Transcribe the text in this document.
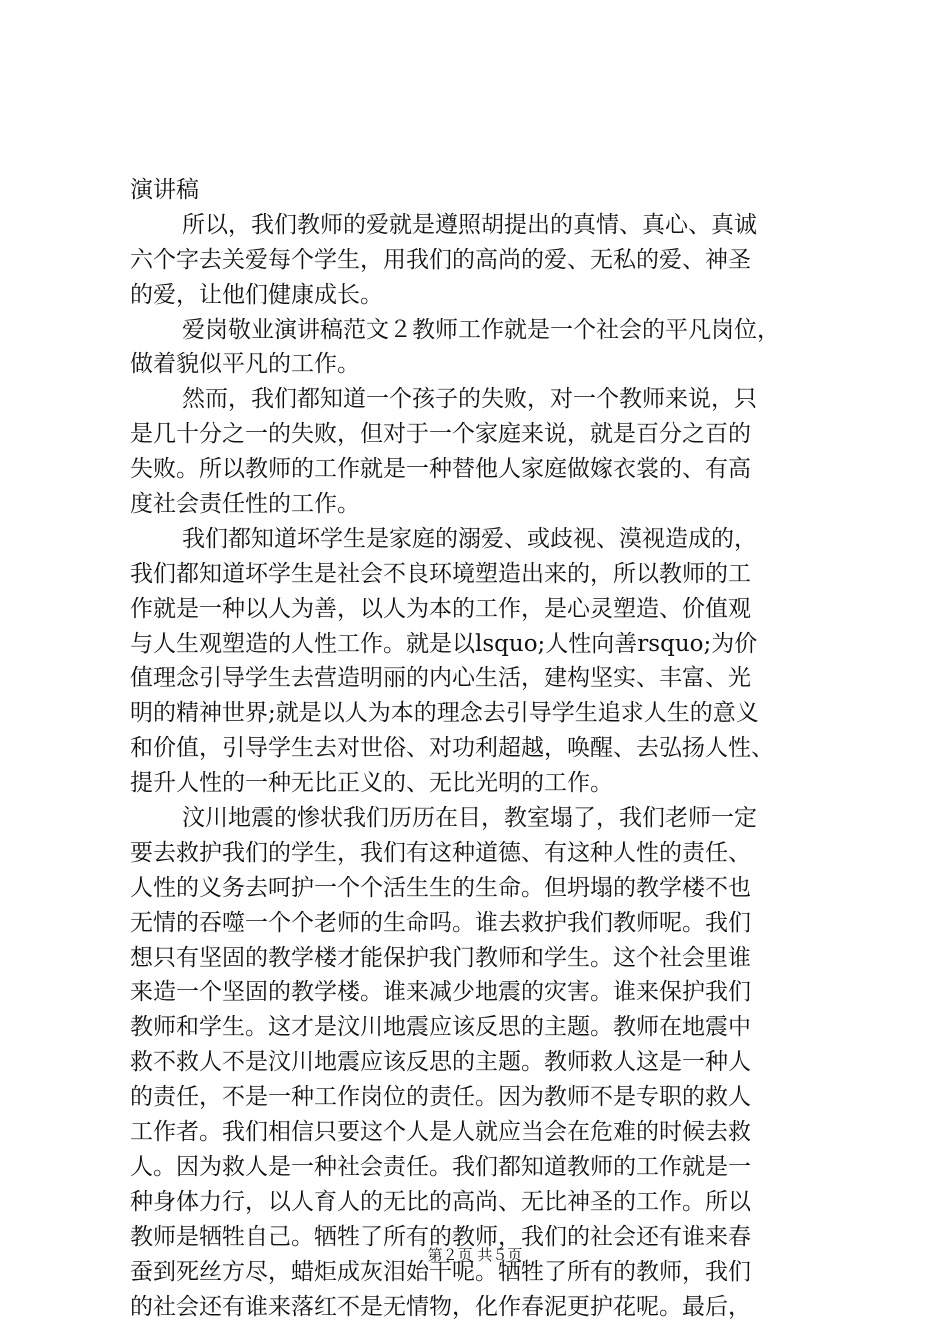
演讲稿
所以，我们教师的爱就是遵照胡提出的真情、真心、真诚
六个字去关爱每个学生，用我们的高尚的爱、无私的爱、神圣
的爱，让他们健康成长。
爱岗敬业演讲稿范文２教师工作就是一个社会的平凡岗位，
做着貌似平凡的工作。
然而，我们都知道一个孩子的失败，对一个教师来说，只
是几十分之一的失败，但对于一个家庭来说，就是百分之百的
失败。所以教师的工作就是一种替他人家庭做嫁衣裳的、有高
度社会责任性的工作。
我们都知道坏学生是家庭的溺爱、或歧视、漠视造成的，
我们都知道坏学生是社会不良环境塑造出来的，所以教师的工
作就是一种以人为善，以人为本的工作，是心灵塑造、价值观
与人生观塑造的人性工作。就是以lsquo;人性向善rsquo;为价
值理念引导学生去营造明丽的内心生活，建构坚实、丰富、光
明的精神世界;就是以人为本的理念去引导学生追求人生的意义
和价值，引导学生去对世俗、对功利超越，唤醒、去弘扬人性、
提升人性的一种无比正义的、无比光明的工作。
汶川地震的惨状我们历历在目，教室塌了，我们老师一定
要去救护我们的学生，我们有这种道德、有这种人性的责任、
人性的义务去呵护一个个活生生的生命。但坍塌的教学楼不也
无情的吞噬一个个老师的生命吗。谁去救护我们教师呢。我们
想只有坚固的教学楼才能保护我门教师和学生。这个社会里谁
来造一个坚固的教学楼。谁来减少地震的灾害。谁来保护我们
教师和学生。这才是汶川地震应该反思的主题。教师在地震中
救不救人不是汶川地震应该反思的主题。教师救人这是一种人
的责任，不是一种工作岗位的责任。因为教师不是专职的救人
工作者。我们相信只要这个人是人就应当会在危难的时候去救
人。因为救人是一种社会责任。我们都知道教师的工作就是一
种身体力行，以人育人的无比的高尚、无比神圣的工作。所以
教师是牺牲自己。牺牲了所有的教师，我们的社会还有谁来春
蚕到死丝方尽，蜡炬成灰泪始干呢。牺牲了所有的教师，我们
的社会还有谁来落红不是无情物，化作春泥更护花呢。最后，
第２页 共５页
